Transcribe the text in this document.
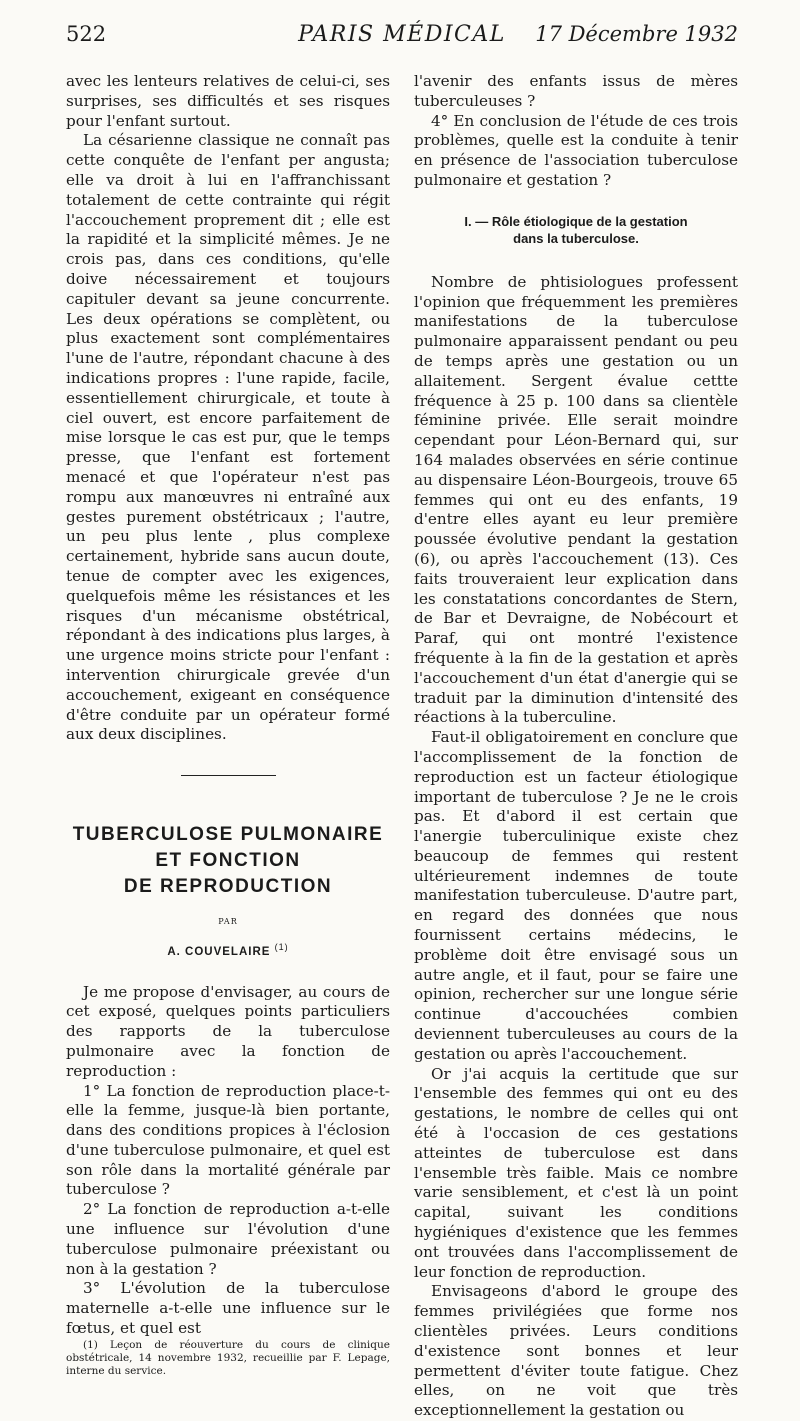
522	PARIS MÉDICAL	17 Décembre 1932

avec les lenteurs relatives de celui-ci, ses surprises, ses difficultés et ses risques pour l'enfant surtout.

La césarienne classique ne connaît pas cette conquête de l'enfant per angusta; elle va droit à lui en l'affranchissant totalement de cette contrainte qui régit l'accouchement proprement dit ; elle est la rapidité et la simplicité mêmes. Je ne crois pas, dans ces conditions, qu'elle doive nécessairement et toujours capituler devant sa jeune concurrente. Les deux opérations se complètent, ou plus exactement sont complémentaires l'une de l'autre, répondant chacune à des indications propres : l'une rapide, facile, essentiellement chirurgicale, et toute à ciel ouvert, est encore parfaitement de mise lorsque le cas est pur, que le temps presse, que l'enfant est fortement menacé et que l'opérateur n'est pas rompu aux manœuvres ni entraîné aux gestes purement obstétricaux ; l'autre, un peu plus lente , plus complexe certainement, hybride sans aucun doute, tenue de compter avec les exigences, quelquefois même les résistances et les risques d'un mécanisme obstétrical, répondant à des indications plus larges, à une urgence moins stricte pour l'enfant : intervention chirurgicale grevée d'un accouchement, exigeant en conséquence d'être conduite par un opérateur formé aux deux disciplines.

TUBERCULOSE PULMONAIRE
ET FONCTION
DE REPRODUCTION
PAR
A. COUVELAIRE $^{(1)}$

Je me propose d'envisager, au cours de cet exposé, quelques points particuliers des rapports de la tuberculose pulmonaire avec la fonction de reproduction :

1° La fonction de reproduction place-t-elle la femme, jusque-là bien portante, dans des conditions propices à l'éclosion d'une tuberculose pulmonaire, et quel est son rôle dans la mortalité générale par tuberculose ?

2° La fonction de reproduction a-t-elle une influence sur l'évolution d'une tuberculose pulmonaire préexistant ou non à la gestation ?

3° L'évolution de la tuberculose maternelle a-t-elle une influence sur le fœtus, et quel est

(1) Leçon de réouverture du cours de clinique obstétricale, 14 novembre 1932, recueillie par F. Lepage, interne du service.

l'avenir des enfants issus de mères tuberculeuses ?

4° En conclusion de l'étude de ces trois problèmes, quelle est la conduite à tenir en présence de l'association tuberculose pulmonaire et gestation ?

I. — Rôle étiologique de la gestation
dans la tuberculose.

Nombre de phtisiologues professent l'opinion que fréquemment les premières manifestations de la tuberculose pulmonaire apparaissent pendant ou peu de temps après une gestation ou un allaitement. Sergent évalue cettte fréquence à 25 p. 100 dans sa clientèle féminine privée. Elle serait moindre cependant pour Léon-Bernard qui, sur 164 malades observées en série continue au dispensaire Léon-Bourgeois, trouve 65 femmes qui ont eu des enfants, 19 d'entre elles ayant eu leur première poussée évolutive pendant la gestation (6), ou après l'accouchement (13). Ces faits trouveraient leur explication dans les constatations concordantes de Stern, de Bar et Devraigne, de Nobécourt et Paraf, qui ont montré l'existence fréquente à la fin de la gestation et après l'accouchement d'un état d'anergie qui se traduit par la diminution d'intensité des réactions à la tuberculine.

Faut-il obligatoirement en conclure que l'accomplissement de la fonction de reproduction est un facteur étiologique important de tuberculose ? Je ne le crois pas. Et d'abord il est certain que l'anergie tuberculinique existe chez beaucoup de femmes qui restent ultérieurement indemnes de toute manifestation tuberculeuse. D'autre part, en regard des données que nous fournissent certains médecins, le problème doit être envisagé sous un autre angle, et il faut, pour se faire une opinion, rechercher sur une longue série continue d'accouchées combien deviennent tuberculeuses au cours de la gestation ou après l'accouchement.

Or j'ai acquis la certitude que sur l'ensemble des femmes qui ont eu des gestations, le nombre de celles qui ont été à l'occasion de ces gestations atteintes de tuberculose est dans l'ensemble très faible. Mais ce nombre varie sensiblement, et c'est là un point capital, suivant les conditions hygiéniques d'existence que les femmes ont trouvées dans l'accomplissement de leur fonction de reproduction.

Envisageons d'abord le groupe des femmes privilégiées que forme nos clientèles privées. Leurs conditions d'existence sont bonnes et leur permettent d'éviter toute fatigue. Chez elles, on ne voit que très exceptionnellement la gestation ou
